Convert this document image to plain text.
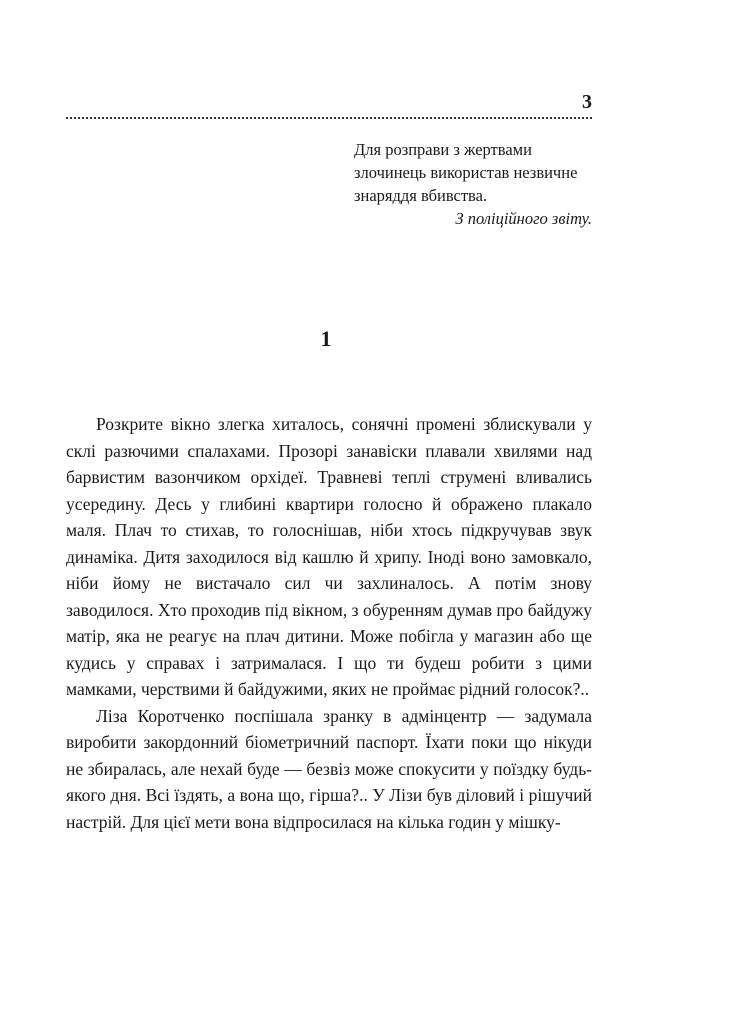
3

Для розправи з жертвами злочинець використав незвичне знаряддя вбивства.

З поліційного звіту.

1

Розкрите вікно злегка хиталось, сонячні промені зблискували у склі разючими спалахами. Прозорі занавіски плавали хвилями над барвистим вазончиком орхідеї. Травневі теплі струмені вливались усередину. Десь у глибині квартири голосно й ображено плакало маля. Плач то стихав, то голоснішав, ніби хтось підкручував звук динаміка. Дитя заходилося від кашлю й хрипу. Іноді воно замовкало, ніби йому не вистачало сил чи захлиналось. А потім знову заводилося. Хто проходив під вікном, з обуренням думав про байдужу матір, яка не реагує на плач дитини. Може побігла у магазин або ще кудись у справах і затрималася. І що ти будеш робити з цими мамками, черствими й байдужими, яких не проймає рідний голосок?..

Ліза Коротченко поспішала зранку в адмінцентр — задумала виробити закордонний біометричний паспорт. Їхати поки що нікуди не збиралась, але нехай буде — безвіз може спокусити у поїздку будь-якого дня. Всі їздять, а вона що, гірша?.. У Лізи був діловий і рішучий настрій. Для цієї мети вона відпросилася на кілька годин у мішку-
